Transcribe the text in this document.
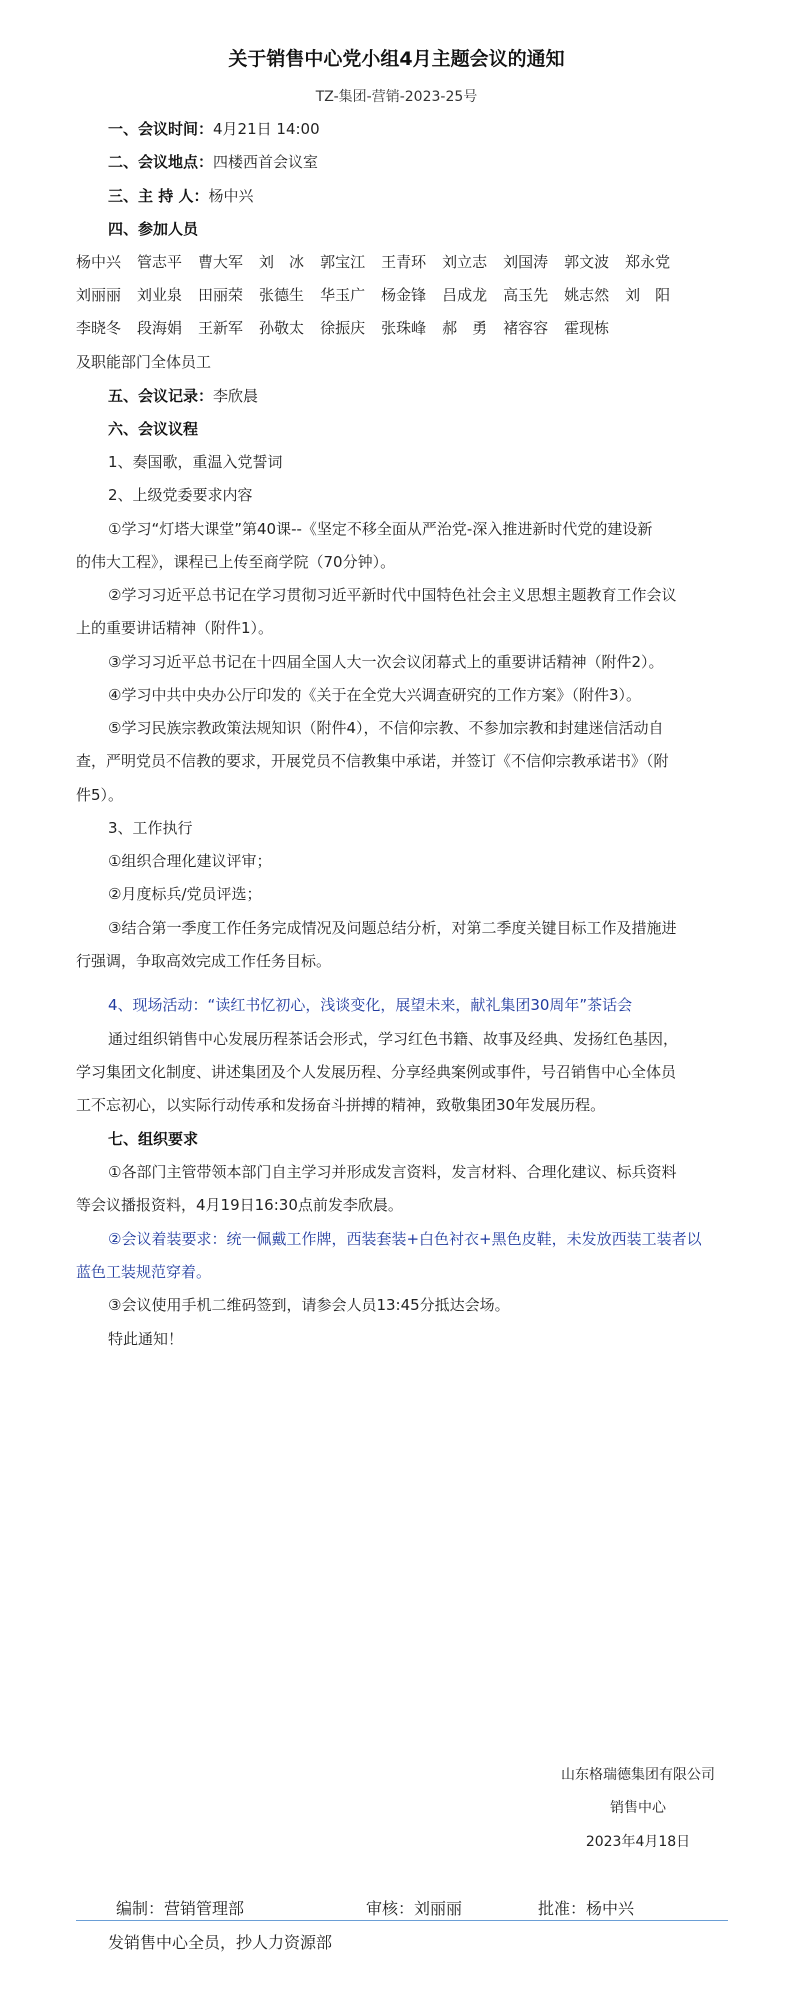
关于销售中心党小组4月主题会议的通知
TZ-集团-营销-2023-25号
一、会议时间：4月21日 14:00
二、会议地点：四楼西首会议室
三、主 持 人：杨中兴
四、参加人员
杨中兴 管志平 曹大军 刘　冰 郭宝江 王青环 刘立志 刘国涛 郭文波 郑永党
刘丽丽 刘业泉 田丽荣 张德生 华玉广 杨金锋 吕成龙 高玉先 姚志然 刘　阳
李晓冬 段海娟 王新军 孙敬太 徐振庆 张珠峰 郝　勇 褚容容 霍现栋
及职能部门全体员工
五、会议记录：李欣晨
六、会议议程
1、奏国歌，重温入党誓词
2、上级党委要求内容
①学习“灯塔大课堂”第40课--《坚定不移全面从严治党-深入推进新时代党的建设新
的伟大工程》，课程已上传至商学院（70分钟）。
②学习习近平总书记在学习贯彻习近平新时代中国特色社会主义思想主题教育工作会议
上的重要讲话精神（附件1）。
③学习习近平总书记在十四届全国人大一次会议闭幕式上的重要讲话精神（附件2）。
④学习中共中央办公厅印发的《关于在全党大兴调查研究的工作方案》（附件3）。
⑤学习民族宗教政策法规知识（附件4），不信仰宗教、不参加宗教和封建迷信活动自
查，严明党员不信教的要求，开展党员不信教集中承诺，并签订《不信仰宗教承诺书》（附
件5）。
3、工作执行
①组织合理化建议评审；
②月度标兵/党员评选；
③结合第一季度工作任务完成情况及问题总结分析，对第二季度关键目标工作及措施进
行强调，争取高效完成工作任务目标。
4、现场活动：“读红书忆初心，浅谈变化，展望未来，献礼集团30周年”茶话会
通过组织销售中心发展历程茶话会形式，学习红色书籍、故事及经典、发扬红色基因，
学习集团文化制度、讲述集团及个人发展历程、分享经典案例或事件，号召销售中心全体员
工不忘初心，以实际行动传承和发扬奋斗拼搏的精神，致敬集团30年发展历程。
七、组织要求
①各部门主管带领本部门自主学习并形成发言资料，发言材料、合理化建议、标兵资料
等会议播报资料，4月19日16:30点前发李欣晨。
②会议着装要求：统一佩戴工作牌，西装套装+白色衬衣+黑色皮鞋，未发放西装工装者以
蓝色工装规范穿着。
③会议使用手机二维码签到，请参会人员13:45分抵达会场。
特此通知！
山东格瑞德集团有限公司
销售中心
2023年4月18日
编制：营销管理部	审核：刘丽丽	批准：杨中兴
发销售中心全员，抄人力资源部
